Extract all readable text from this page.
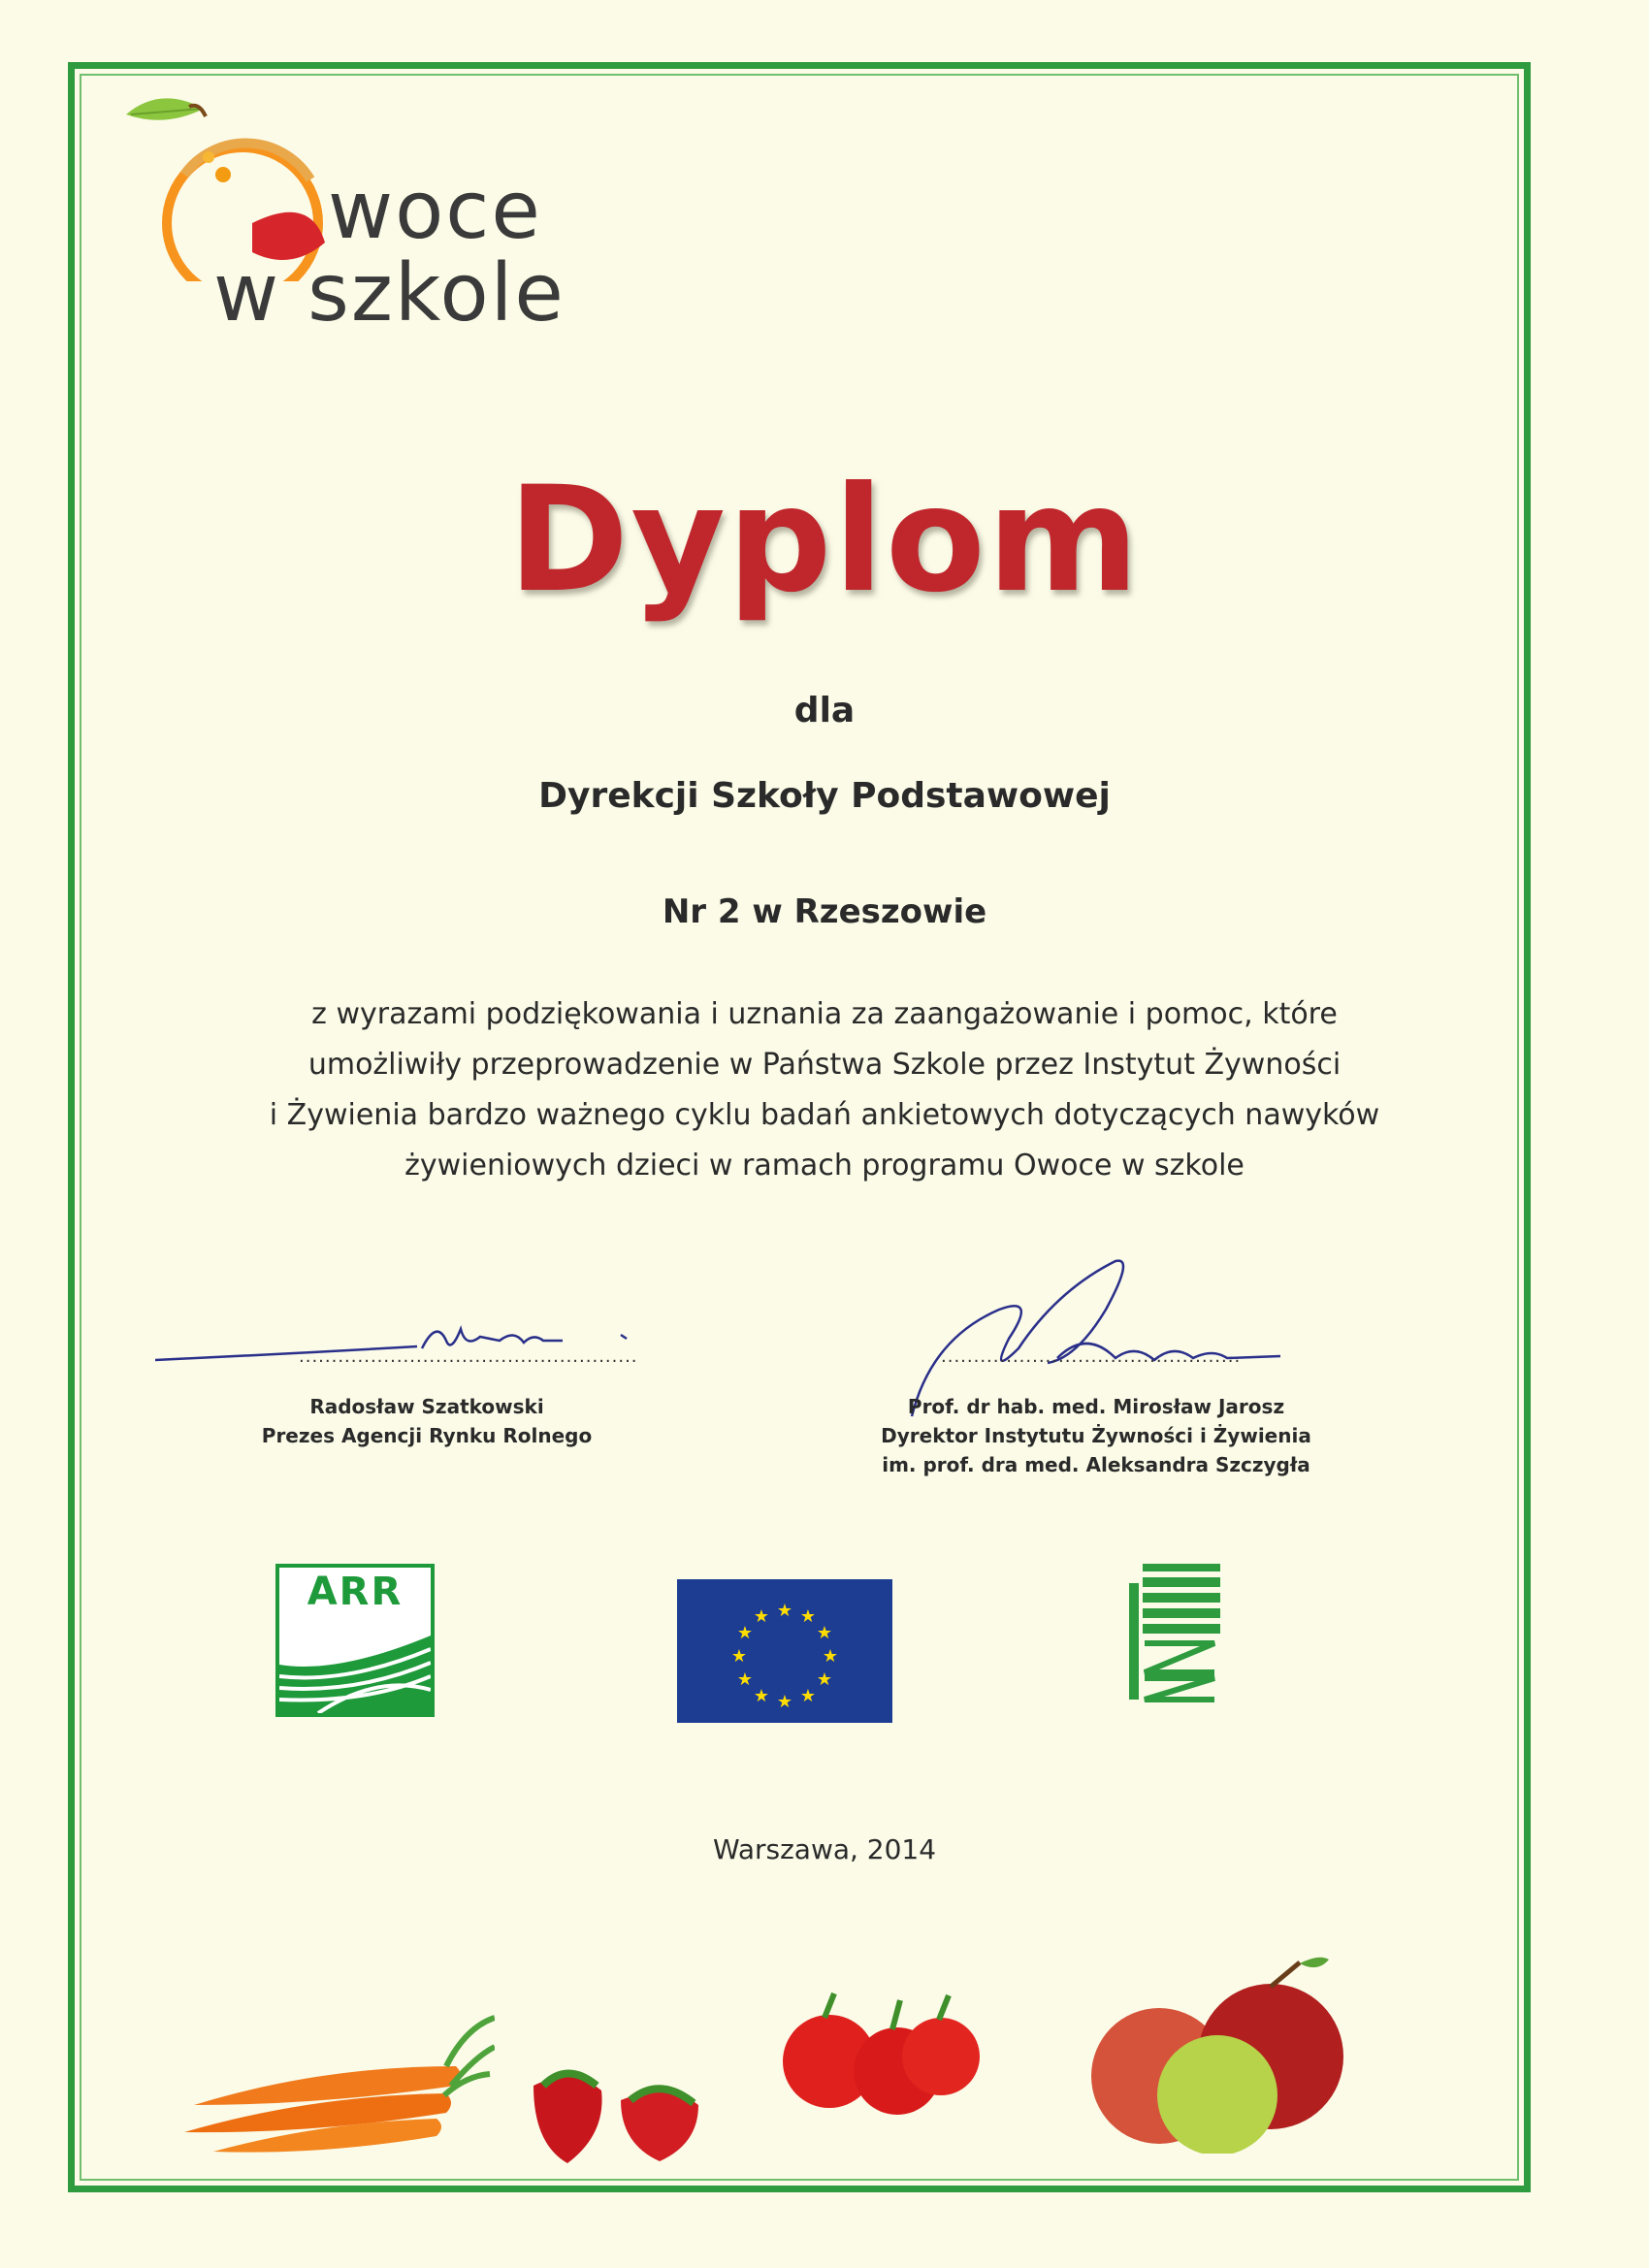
woce
w szkole
Dyplom
dla
Dyrekcji Szkoły Podstawowej
Nr 2 w Rzeszowie
z wyrazami podziękowania i uznania za zaangażowanie i pomoc, które
umożliwiły przeprowadzenie w Państwa Szkole przez Instytut Żywności
i Żywienia bardzo ważnego cyklu badań ankietowych dotyczących nawyków
żywieniowych dzieci w ramach programu Owoce w szkole
....................................................
Radosław Szatkowski
Prezes Agencji Rynku Rolnego
..............................................
Prof. dr hab. med. Mirosław Jarosz
Dyrektor Instytutu Żywności i Żywienia
im. prof. dra med. Aleksandra Szczygła
ARR	★ ★
★
★
★
★
★
★
★
★
★
★
Warszawa, 2014
